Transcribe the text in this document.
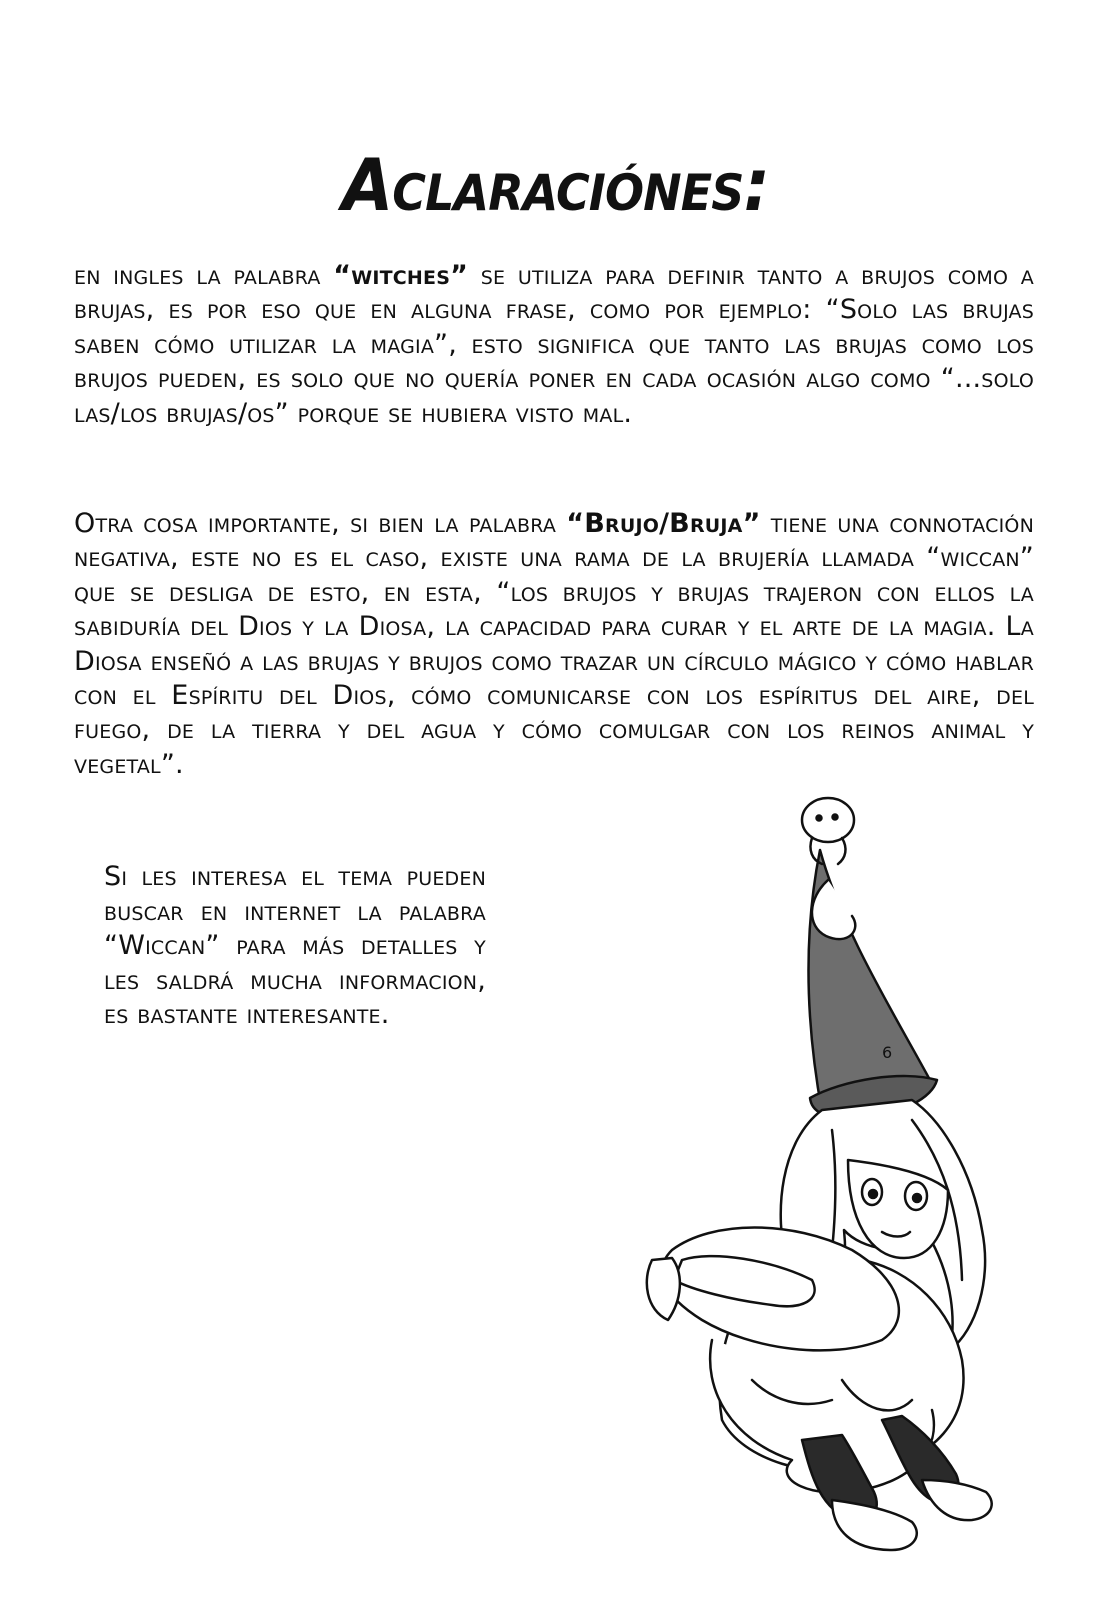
Aclaraciónes:

en ingles la palabra “witches” se utiliza para definir tanto a brujos como a brujas, es por eso que en alguna frase, como por ejemplo: “Solo las brujas saben cómo utilizar la magia”, esto significa que tanto las brujas como los brujos pueden, es solo que no quería poner en cada ocasión algo como “...solo las/los brujas/os” porque se hubiera visto mal.

Otra cosa importante, si bien la palabra “Brujo/Bruja” tiene una connotación negativa, este no es el caso, existe una rama de la brujería llamada “wiccan” que se desliga de esto, en esta, “los brujos y brujas trajeron con ellos la sabiduría del Dios y la Diosa, la capacidad para curar y el arte de la magia. La Diosa enseñó a las brujas y brujos como trazar un círculo mágico y cómo hablar con el Espíritu del Dios, cómo comunicarse con los espíritus del aire, del fuego, de la tierra y del agua y cómo comulgar con los reinos animal y vegetal”.

Si les interesa el tema pueden buscar en internet la palabra “Wiccan” para más detalles y les saldrá mucha informacion, es bastante interesante.

6
